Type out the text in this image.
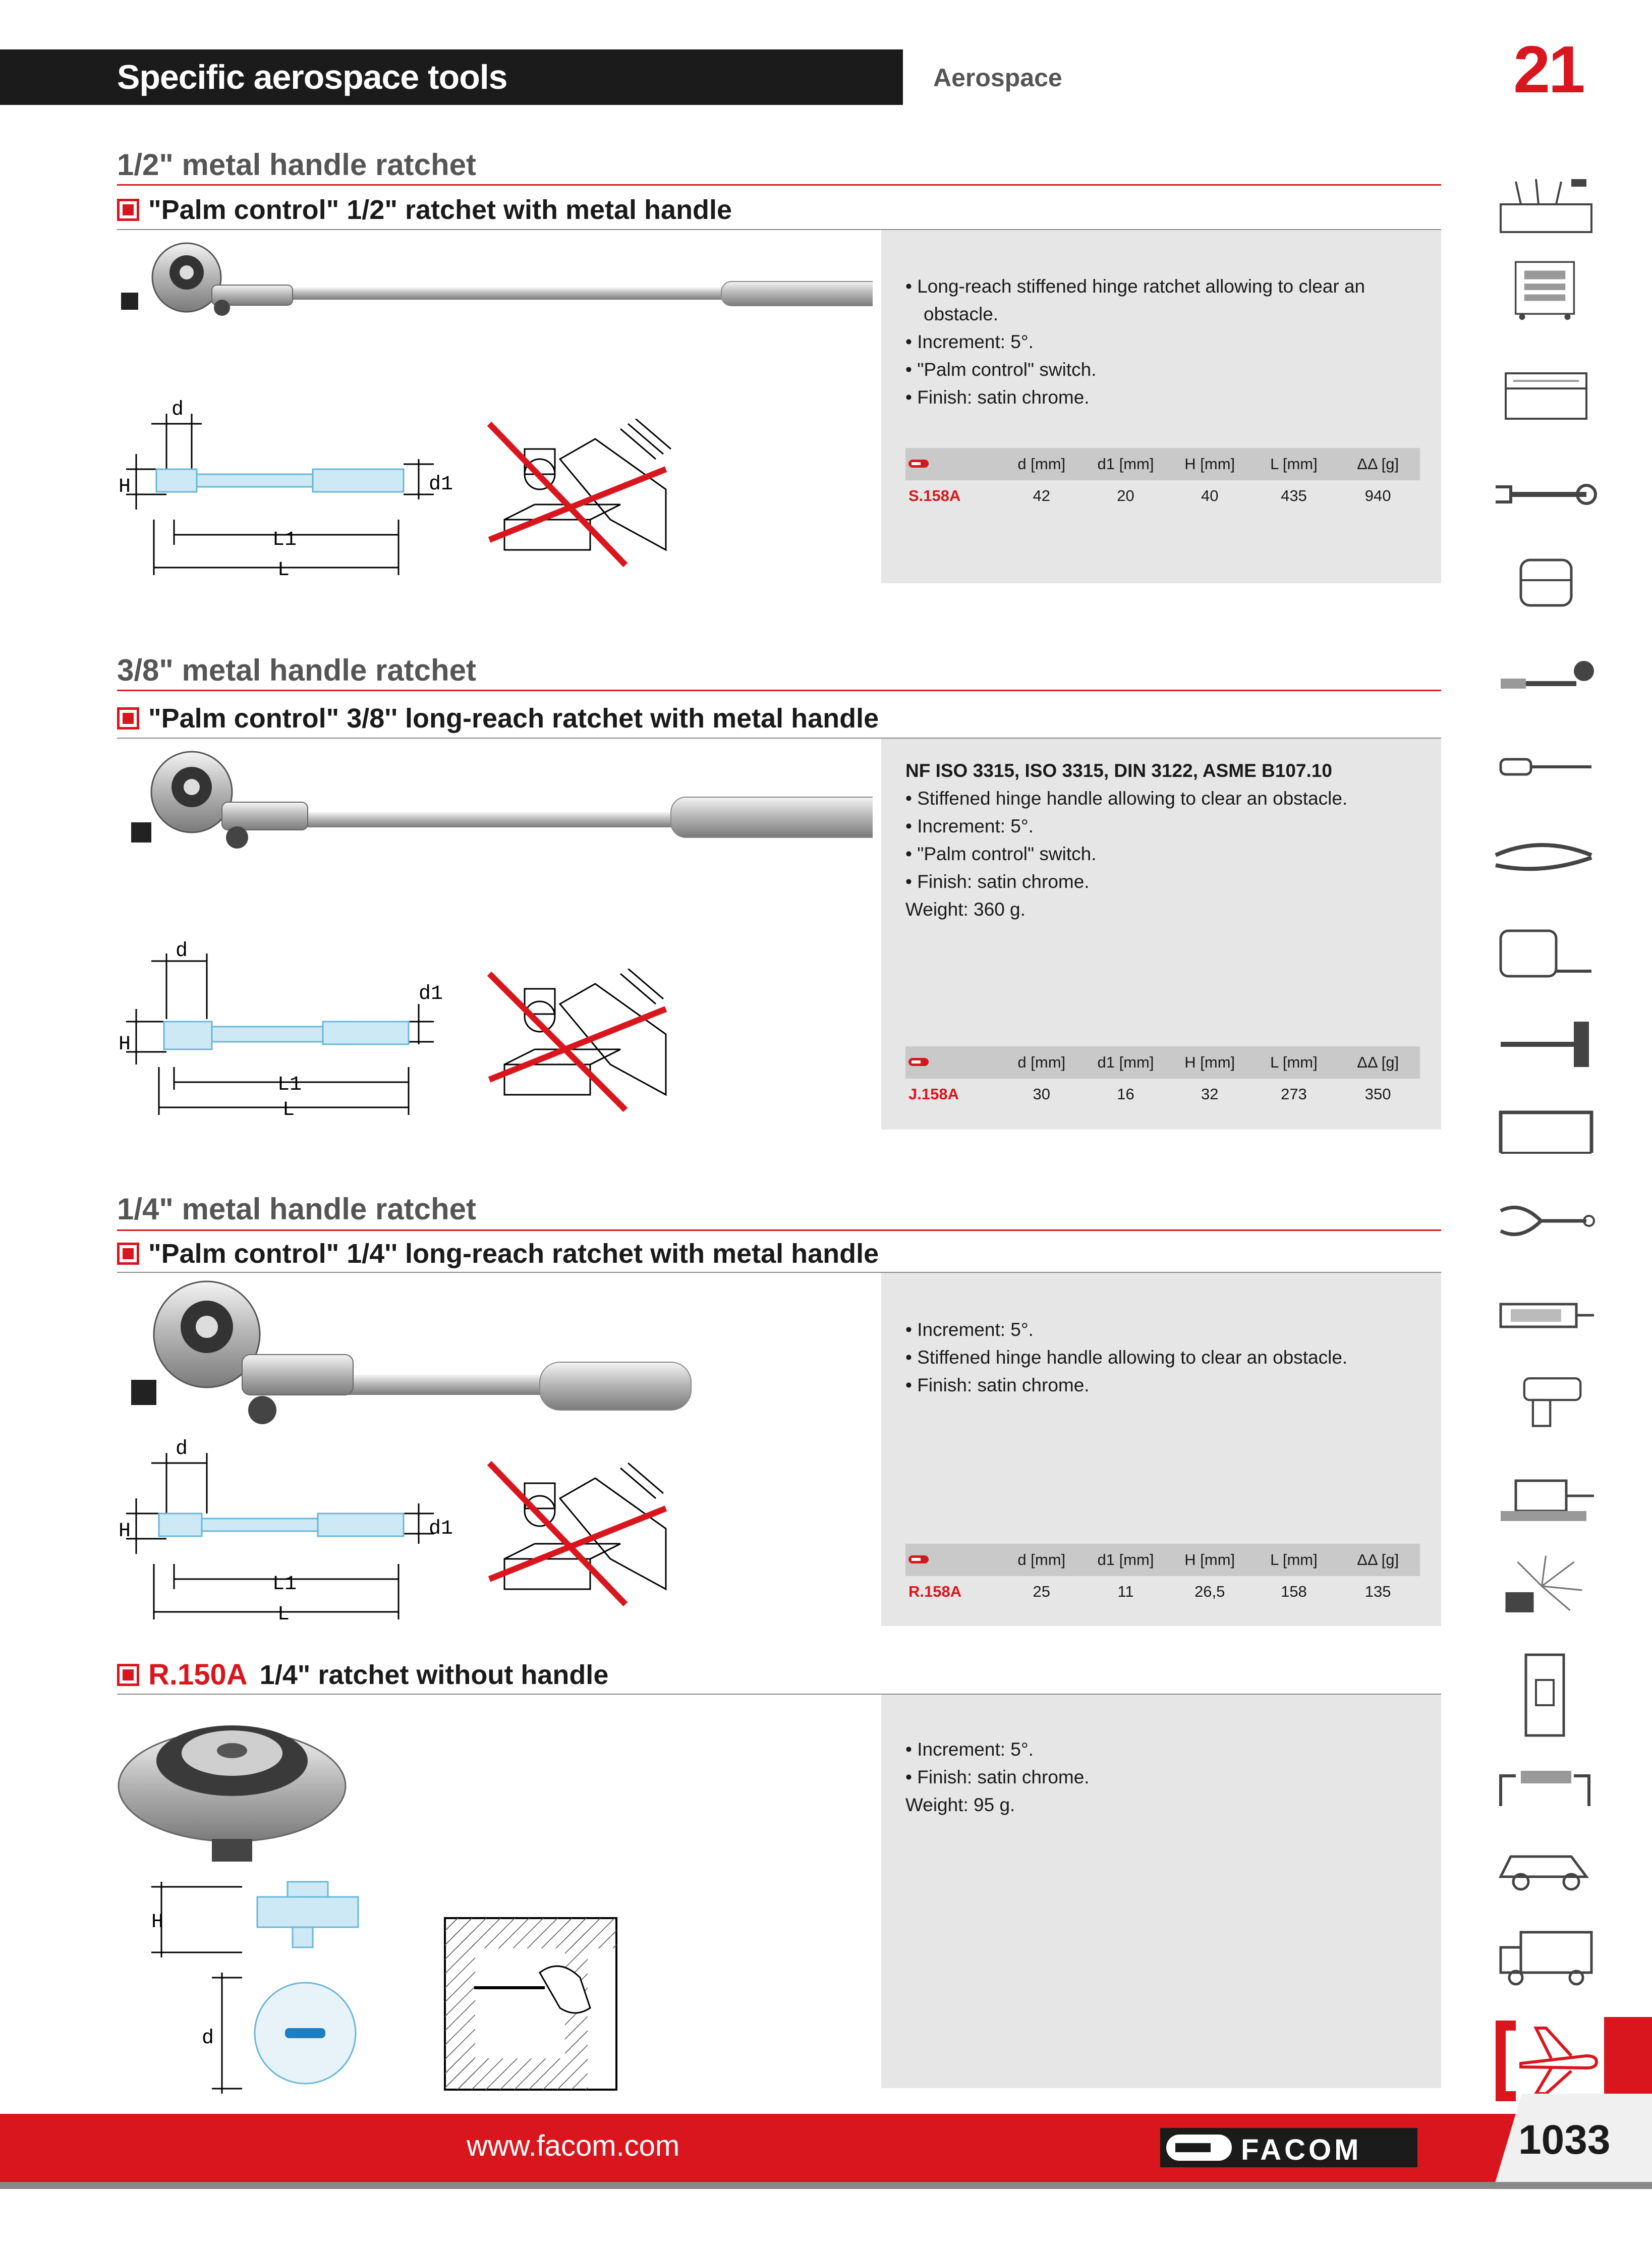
Specific aerospace tools	Aerospace	21
1/2" metal handle ratchet
"Palm control" 1/2" ratchet with metal handle
• Long-reach stiffened hinge ratchet allowing to clear an
obstacle.
• Increment: 5°.
• "Palm control" switch.
• Finish: satin chrome.
d [mm]	d1 [mm]	H [mm]	L [mm]	ΔΔ [g]
S.158A	42	20	40	435	940
d
H	d1
L1
L
3/8" metal handle ratchet
"Palm control" 3/8'' long-reach ratchet with metal handle
NF ISO 3315, ISO 3315, DIN 3122, ASME B107.10
• Stiffened hinge handle allowing to clear an obstacle.
• Increment: 5°.
• "Palm control" switch.
• Finish: satin chrome.
Weight: 360 g.
d [mm]	d1 [mm]	H [mm]	L [mm]	ΔΔ [g]
J.158A	30	16	32	273	350
d
H
d1
L1
L
1/4" metal handle ratchet
"Palm control" 1/4'' long-reach ratchet with metal handle
• Increment: 5°.
• Stiffened hinge handle allowing to clear an obstacle.
• Finish: satin chrome.
d [mm]	d1 [mm]	H [mm]	L [mm]	ΔΔ [g]
R.158A	25	11	26,5	158	135
d
H	d1
L1
L
R.150A 1/4" ratchet without handle
• Increment: 5°.
• Finish: satin chrome.
Weight: 95 g.
H
d
www.facom.com	FACOM	1033
